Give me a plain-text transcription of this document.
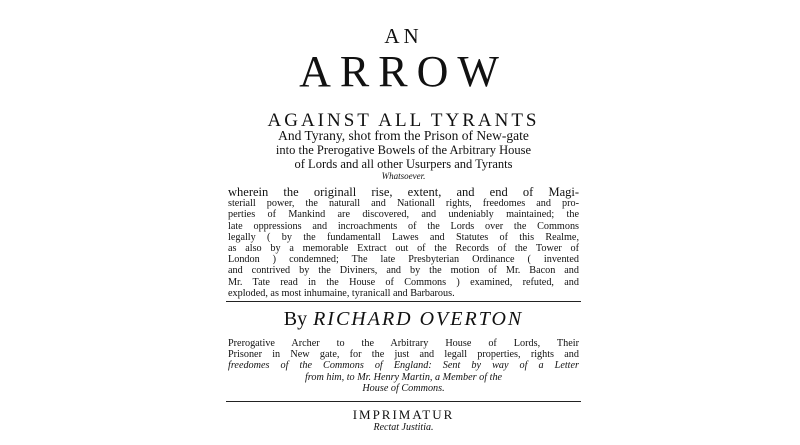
AN
ARROW
AGAINST ALL TYRANTS
And Tyrany, shot from the Prison of New-gate
into the Prerogative Bowels of the Arbitrary House
of Lords and all other Usurpers and Tyrants
Whatsoever.
wherein the originall rise, extent, and end of Magi-
steriall power, the naturall and Nationall rights, freedomes and pro-
perties of Mankind are discovered, and undeniably maintained; the
late oppressions and incroachments of the Lords over the Commons
legally ( by the fundamentall Lawes and Statutes of this Realme,
as also by a memorable Extract out of the Records of the Tower of
London ) condemned; The late Presbyterian Ordinance ( invented
and contrived by the Diviners, and by the motion of Mr. Bacon and
Mr. Tate read in the House of Commons ) examined, refuted, and
exploded, as most inhumaine, tyranicall and Barbarous.
By RICHARD OVERTON
Prerogative Archer to the Arbitrary House of Lords, Their
Prisoner in New gate, for the just and legall properties, rights and
freedomes of the Commons of England: Sent by way of a Letter
from him, to Mr. Henry Martin, a Member of the
House of Commons.
IMPRIMATUR
Rectat Justitia.
